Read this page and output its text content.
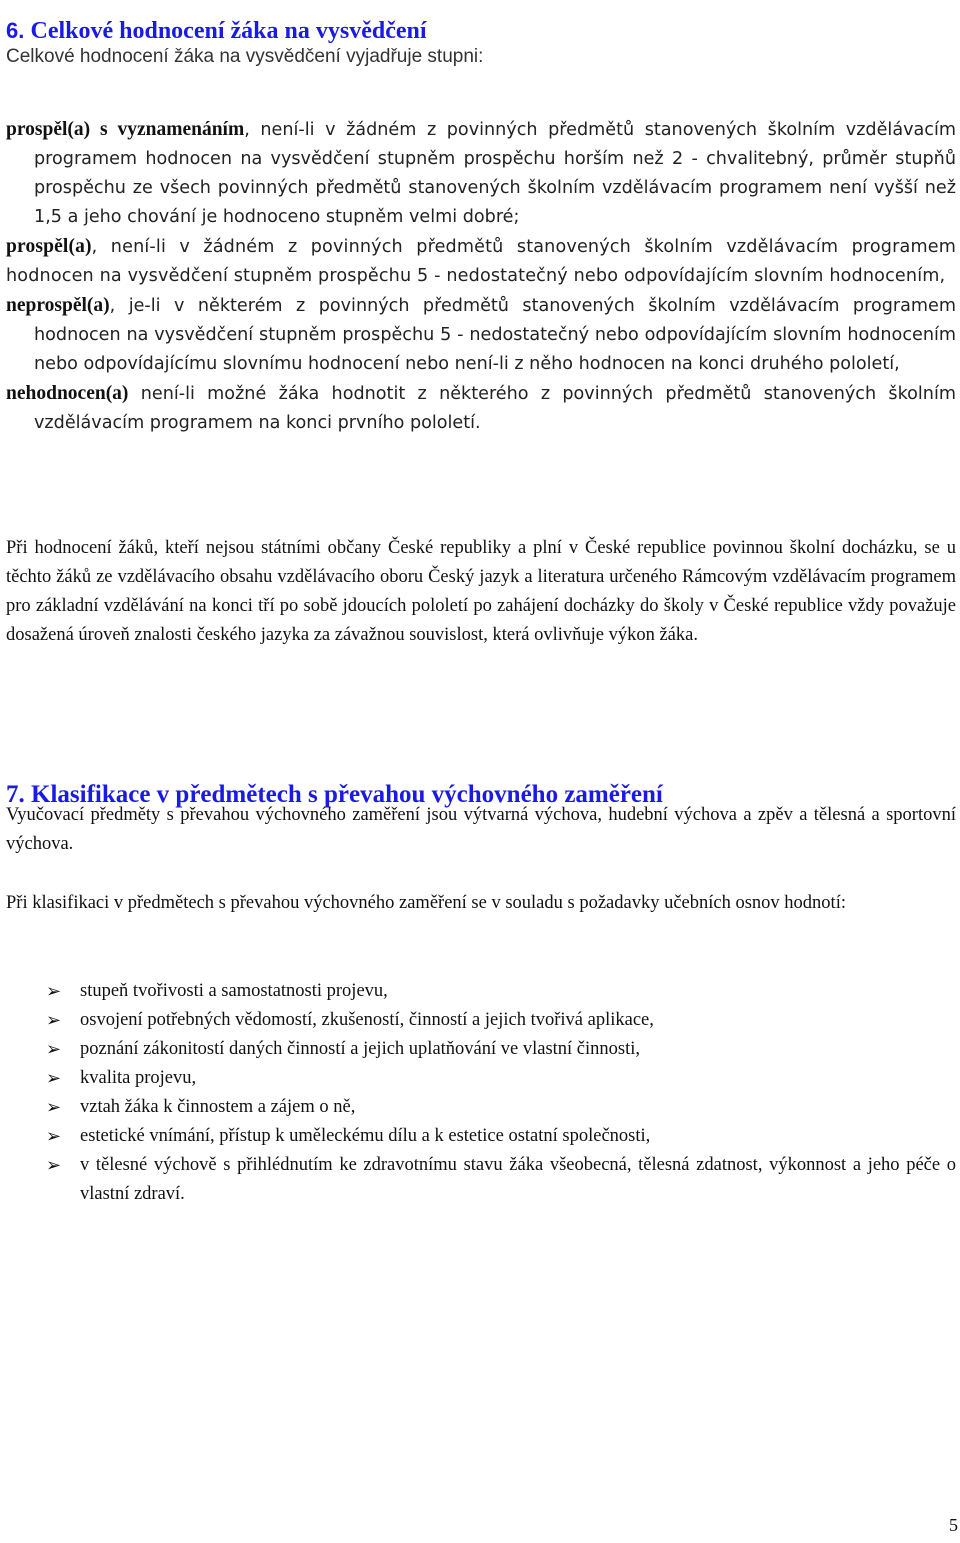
6. Celkové hodnocení žáka na vysvědčení

Celkové hodnocení žáka na vysvědčení vyjadřuje stupni:

prospěl(a) s vyznamenáním, není-li v žádném z povinných předmětů stanovených školním vzdělávacím programem hodnocen na vysvědčení stupněm prospěchu horším než 2 - chvalitebný, průměr stupňů prospěchu ze všech povinných předmětů stanovených školním vzdělávacím programem není vyšší než 1,5 a jeho chování je hodnoceno stupněm velmi dobré;

prospěl(a), není-li v žádném z povinných předmětů stanovených školním vzdělávacím programem hodnocen na vysvědčení stupněm prospěchu 5 - nedostatečný nebo odpovídajícím slovním hodnocením,

neprospěl(a), je-li v některém z povinných předmětů stanovených školním vzdělávacím programem hodnocen na vysvědčení stupněm prospěchu 5 - nedostatečný nebo odpovídajícím slovním hodnocením nebo odpovídajícímu slovnímu hodnocení nebo není-li z něho hodnocen na konci druhého pololetí,

nehodnocen(a) není-li možné žáka hodnotit z některého z povinných předmětů stanovených školním vzdělávacím programem na konci prvního pololetí.

Při hodnocení žáků, kteří nejsou státními občany České republiky a plní v České republice povinnou školní docházku, se u těchto žáků ze vzdělávacího obsahu vzdělávacího oboru Český jazyk a literatura určeného Rámcovým vzdělávacím programem pro základní vzdělávání na konci tří po sobě jdoucích pololetí po zahájení docházky do školy v České republice vždy považuje dosažená úroveň znalosti českého jazyka za závažnou souvislost, která ovlivňuje výkon žáka.

7. Klasifikace v předmětech s převahou výchovného zaměření

Vyučovací předměty s převahou výchovného zaměření jsou výtvarná výchova, hudební výchova a zpěv a tělesná a sportovní výchova.

Při klasifikaci v předmětech s převahou výchovného zaměření se v souladu s požadavky učebních osnov hodnotí:

➢ stupeň tvořivosti a samostatnosti projevu,
➢ osvojení potřebných vědomostí, zkušeností, činností a jejich tvořivá aplikace,
➢ poznání zákonitostí daných činností a jejich uplatňování ve vlastní činnosti,
➢ kvalita projevu,
➢ vztah žáka k činnostem a zájem o ně,
➢ estetické vnímání, přístup k uměleckému dílu a k estetice ostatní společnosti,
➢ v tělesné výchově s přihlédnutím ke zdravotnímu stavu žáka všeobecná, tělesná zdatnost, výkonnost a jeho péče o vlastní zdraví.
5
